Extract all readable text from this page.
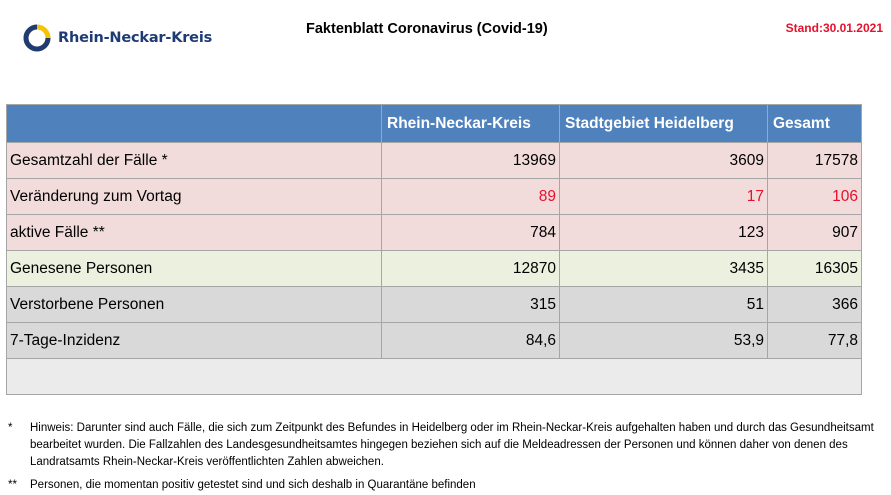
Rhein-Neckar-Kreis
Faktenblatt Coronavirus (Covid-19)	Stand:30.01.2021
	Rhein-Neckar-Kreis	Stadtgebiet Heidelberg	Gesamt
Gesamtzahl der Fälle *	13969	3609	17578
Veränderung zum Vortag	89	17	106
aktive Fälle **	784	123	907
Genesene Personen	12870	3435	16305
Verstorbene Personen	315	51	366
7-Tage-Inzidenz	84,6	53,9	77,8

*	Hinweis: Darunter sind auch Fälle, die sich zum Zeitpunkt des Befundes in Heidelberg oder im Rhein-Neckar-Kreis aufgehalten haben und durch das Gesundheitsamt bearbeitet wurden. Die Fallzahlen des Landesgesundheitsamtes hingegen beziehen sich auf die Meldeadressen der Personen und können daher von denen des Landratsamts Rhein-Neckar-Kreis veröffentlichten Zahlen abweichen.
**	Personen, die momentan positiv getestet sind und sich deshalb in Quarantäne befinden
